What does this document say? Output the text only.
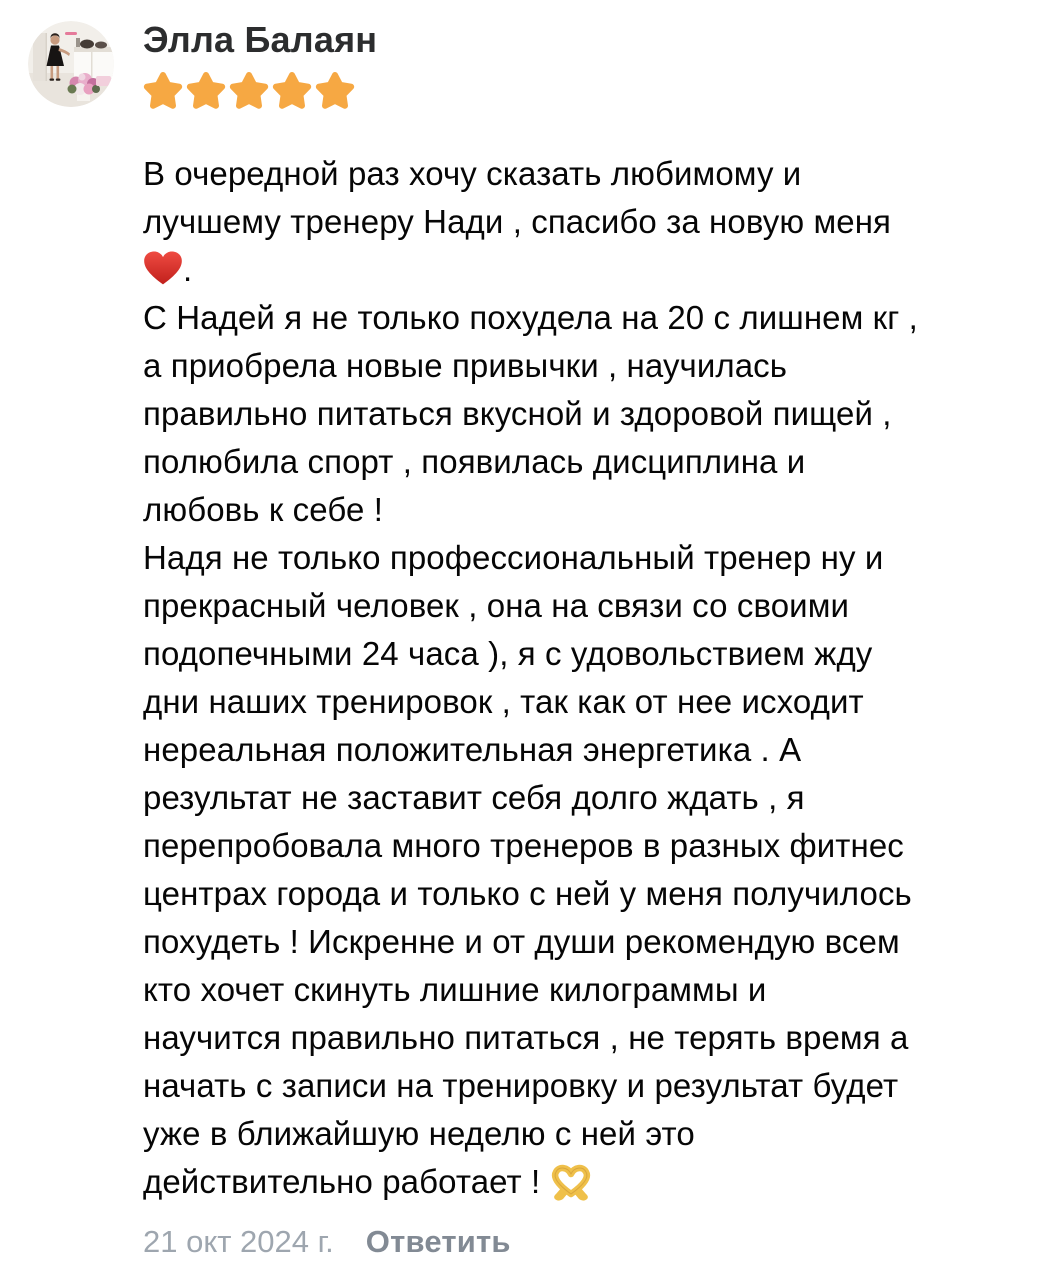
Элла Балаян
В очередной раз хочу сказать любимому и
лучшему тренеру Нади , спасибо за новую меня
.
С Надей я не только похудела на 20 с лишнем кг ,
а приобрела новые привычки , научилась
правильно питаться вкусной и здоровой пищей ,
полюбила спорт , появилась дисциплина и
любовь к себе !
Надя не только профессиональный тренер ну и
прекрасный человек , она на связи со своими
подопечными 24 часа ), я с удовольствием жду
дни наших тренировок , так как от нее исходит
нереальная положительная энергетика . А
результат не заставит себя долго ждать , я
перепробовала много тренеров в разных фитнес
центрах города и только с ней у меня получилось
похудеть ! Искренне и от души рекомендую всем
кто хочет скинуть лишние килограммы и
научится правильно питаться , не терять время а
начать с записи на тренировку и результат будет
уже в ближайшую неделю с ней это
действительно работает !
21 окт 2024 г. Ответить
